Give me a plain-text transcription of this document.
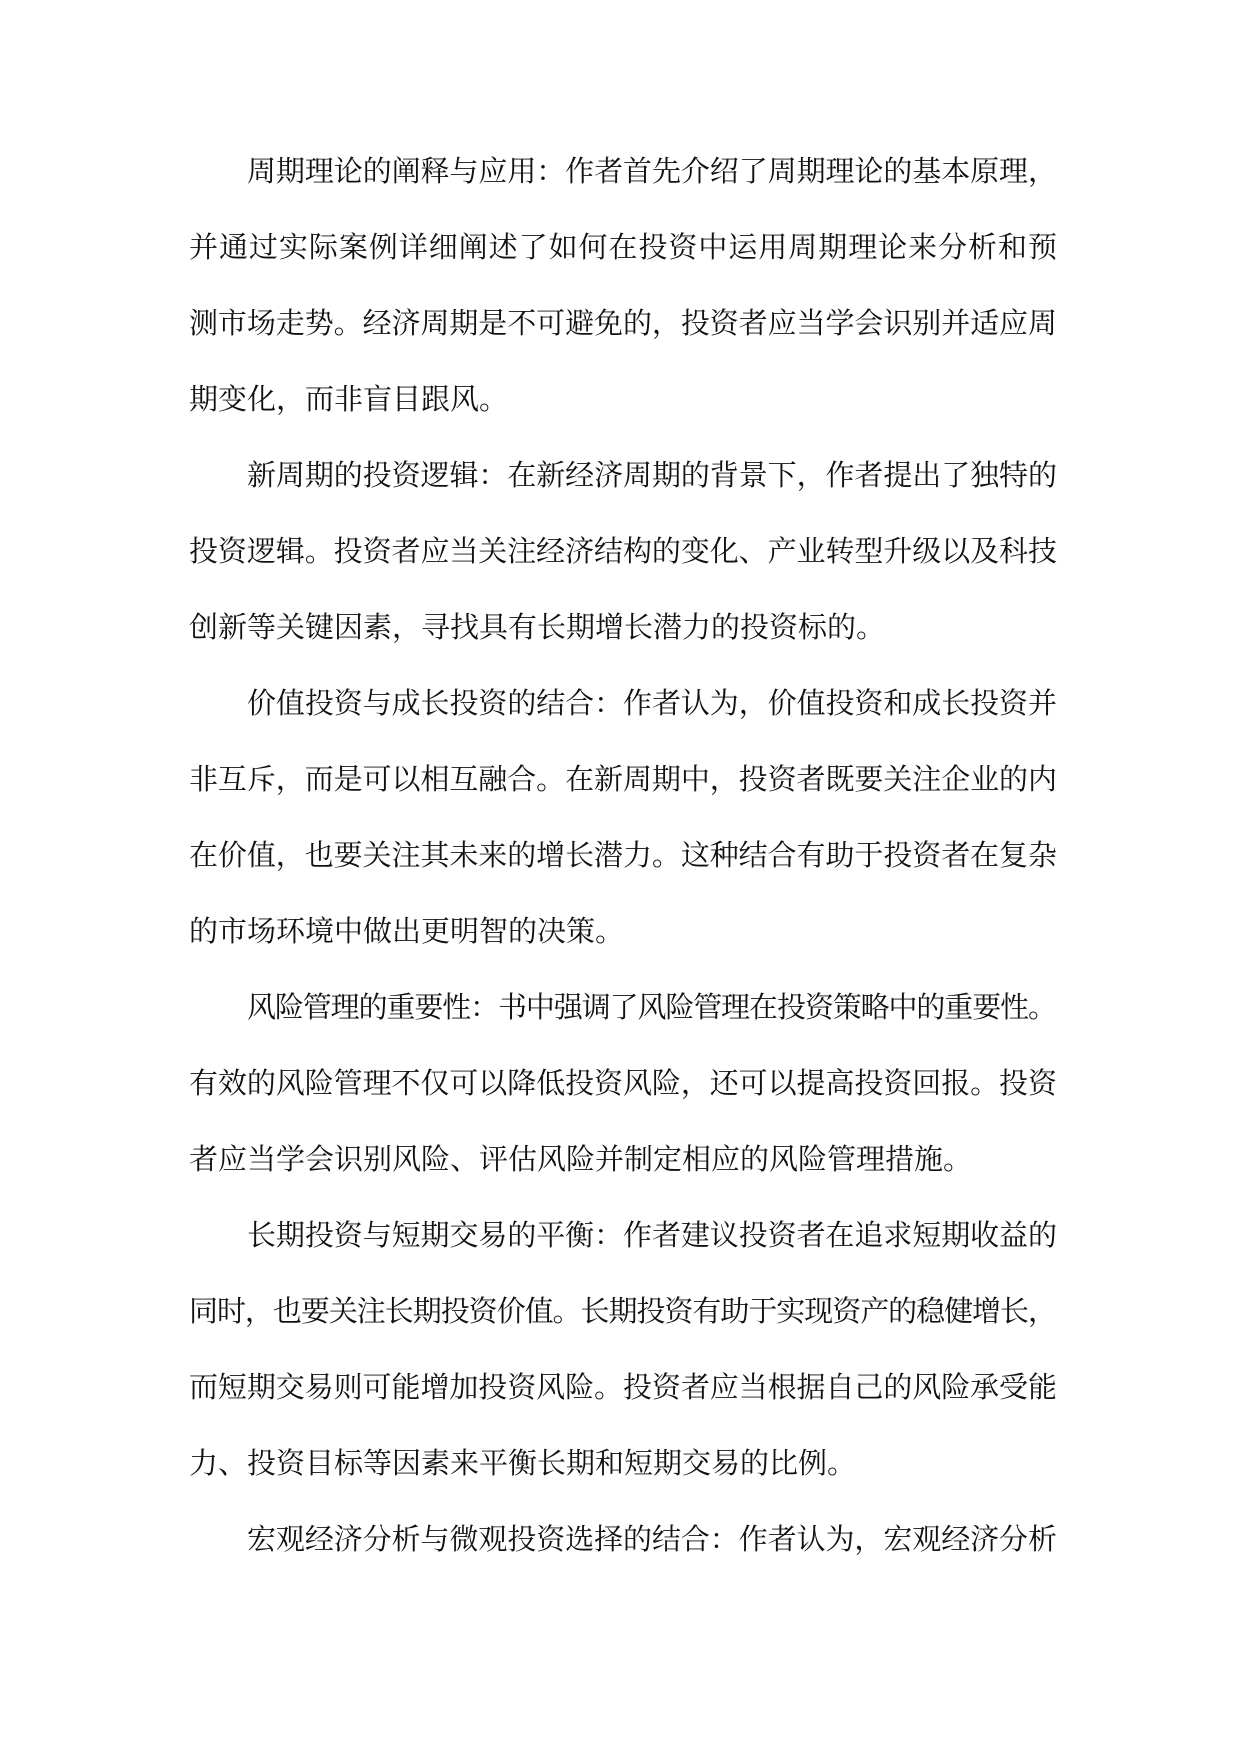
周期理论的阐释与应用：作者首先介绍了周期理论的基本原理，
并通过实际案例详细阐述了如何在投资中运用周期理论来分析和预
测市场走势。经济周期是不可避免的，投资者应当学会识别并适应周
期变化，而非盲目跟风。
新周期的投资逻辑：在新经济周期的背景下，作者提出了独特的
投资逻辑。投资者应当关注经济结构的变化、产业转型升级以及科技
创新等关键因素，寻找具有长期增长潜力的投资标的。
价值投资与成长投资的结合：作者认为，价值投资和成长投资并
非互斥，而是可以相互融合。在新周期中，投资者既要关注企业的内
在价值，也要关注其未来的增长潜力。这种结合有助于投资者在复杂
的市场环境中做出更明智的决策。
风险管理的重要性：书中强调了风险管理在投资策略中的重要性。
有效的风险管理不仅可以降低投资风险，还可以提高投资回报。投资
者应当学会识别风险、评估风险并制定相应的风险管理措施。
长期投资与短期交易的平衡：作者建议投资者在追求短期收益的
同时，也要关注长期投资价值。长期投资有助于实现资产的稳健增长，
而短期交易则可能增加投资风险。投资者应当根据自己的风险承受能
力、投资目标等因素来平衡长期和短期交易的比例。
宏观经济分析与微观投资选择的结合：作者认为，宏观经济分析
